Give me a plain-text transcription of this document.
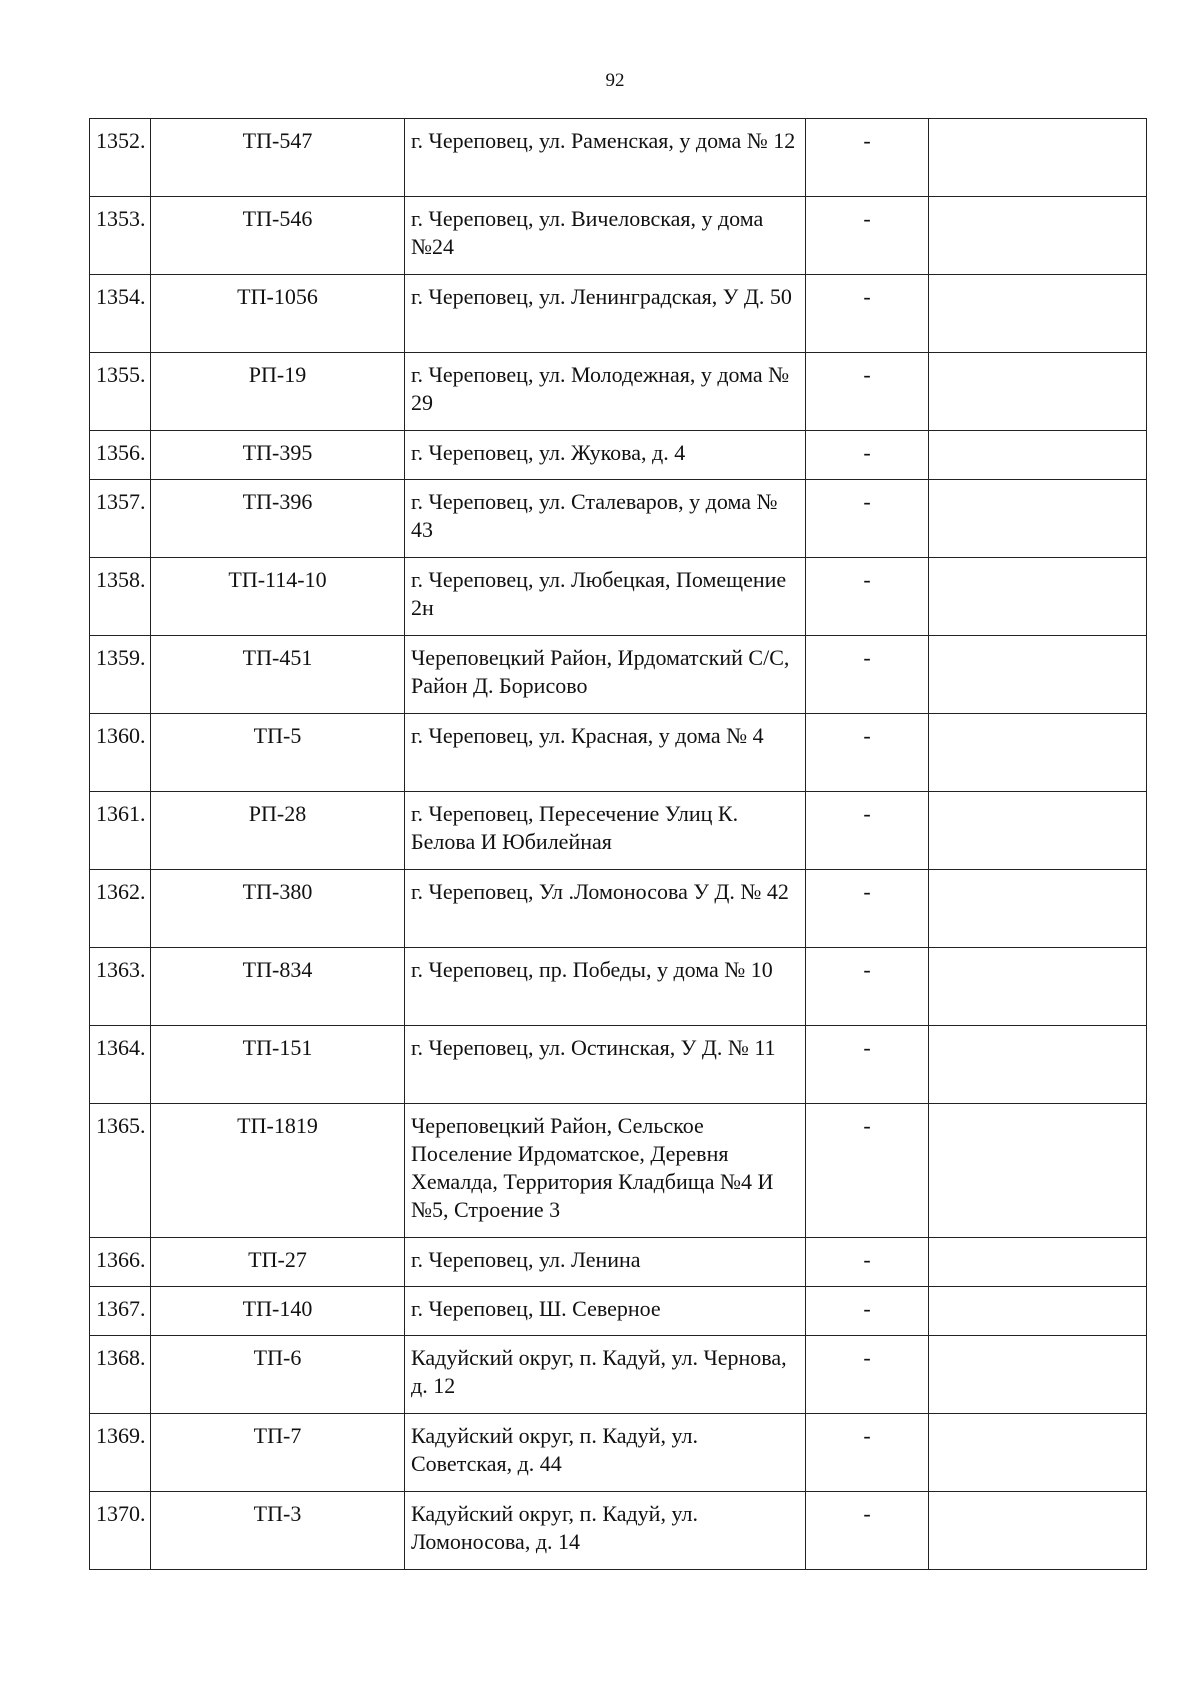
92
1352.	ТП-547	г. Череповец, ул. Раменская, у дома № 12	-	
1353.	ТП-546	г. Череповец, ул. Вичеловская, у дома №24	-	
1354.	ТП-1056	г. Череповец, ул. Ленинградская, У Д. 50	-	
1355.	РП-19	г. Череповец, ул. Молодежная, у дома № 29	-	
1356.	ТП-395	г. Череповец, ул. Жукова, д. 4	-	
1357.	ТП-396	г. Череповец, ул. Сталеваров, у дома № 43	-	
1358.	ТП-114-10	г. Череповец, ул. Любецкая, Помещение 2н	-	
1359.	ТП-451	Череповецкий Район, Ирдоматский С/С, Район Д. Борисово	-	
1360.	ТП-5	г. Череповец, ул. Красная, у дома № 4	-	
1361.	РП-28	г. Череповец, Пересечение Улиц К. Белова И Юбилейная	-	
1362.	ТП-380	г. Череповец, Ул .Ломоносова У Д. № 42	-	
1363.	ТП-834	г. Череповец, пр. Победы, у дома № 10	-	
1364.	ТП-151	г. Череповец, ул. Остинская, У Д. № 11	-	
1365.	ТП-1819	Череповецкий Район, Сельское Поселение Ирдоматское, Деревня Хемалда, Территория Кладбища №4 И №5, Строение 3	-	
1366.	ТП-27	г. Череповец, ул. Ленина	-	
1367.	ТП-140	г. Череповец, Ш. Северное	-	
1368.	ТП-6	Кадуйский округ, п. Кадуй, ул. Чернова, д. 12	-	
1369.	ТП-7	Кадуйский округ, п. Кадуй, ул. Советская, д. 44	-	
1370.	ТП-3	Кадуйский округ, п. Кадуй, ул. Ломоносова, д. 14	-	
